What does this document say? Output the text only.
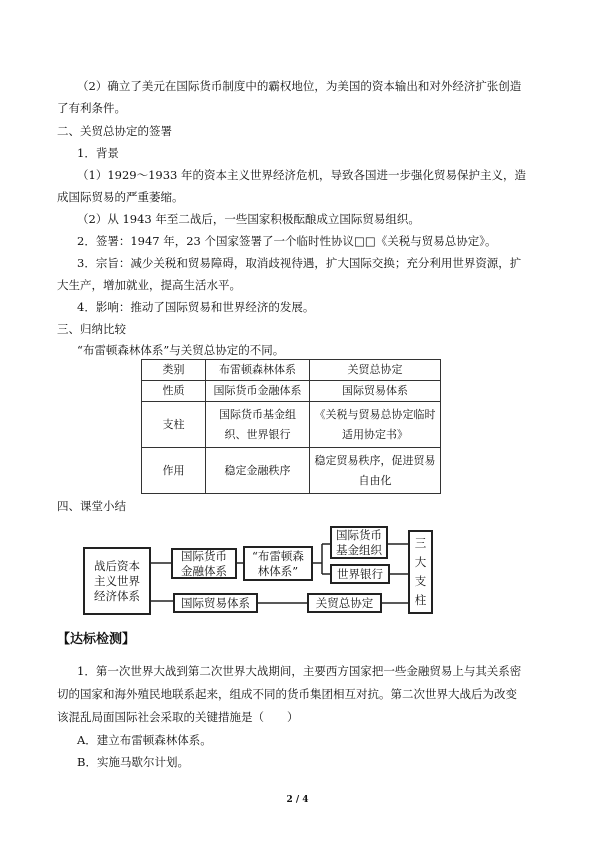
（2）确立了美元在国际货币制度中的霸权地位，为美国的资本输出和对外经济扩张创造
了有利条件。
二、关贸总协定的签署
1．背景
（1）1929～1933 年的资本主义世界经济危机，导致各国进一步强化贸易保护主义，造
成国际贸易的严重萎缩。
（2）从 1943 年至二战后，一些国家积极酝酿成立国际贸易组织。
2．签署：1947 年，23 个国家签署了一个临时性协议□□《关税与贸易总协定》。
3．宗旨：减少关税和贸易障碍，取消歧视待遇，扩大国际交换；充分利用世界资源，扩
大生产，增加就业，提高生活水平。
4．影响：推动了国际贸易和世界经济的发展。
三、归纳比较
“布雷顿森林体系”与关贸总协定的不同。
类别	布雷顿森林体系	关贸总协定
性质	国际货币金融体系	国际贸易体系
支柱	国际货币基金组织、世界银行	《关税与贸易总协定临时适用协定书》
作用	稳定金融秩序	稳定贸易秩序，促进贸易自由化
四、课堂小结
战后资本主义世界经济体系
国际货币金融体系
“布雷顿森林体系”
国际货币基金组织
世界银行
三大支柱
国际贸易体系	关贸总协定
【达标检测】
1．第一次世界大战到第二次世界大战期间，主要西方国家把一些金融贸易上与其关系密
切的国家和海外殖民地联系起来，组成不同的货币集团相互对抗。第二次世界大战后为改变
该混乱局面国际社会采取的关键措施是（　　）
A．建立布雷顿森林体系。
B．实施马歇尔计划。
2 / 4
